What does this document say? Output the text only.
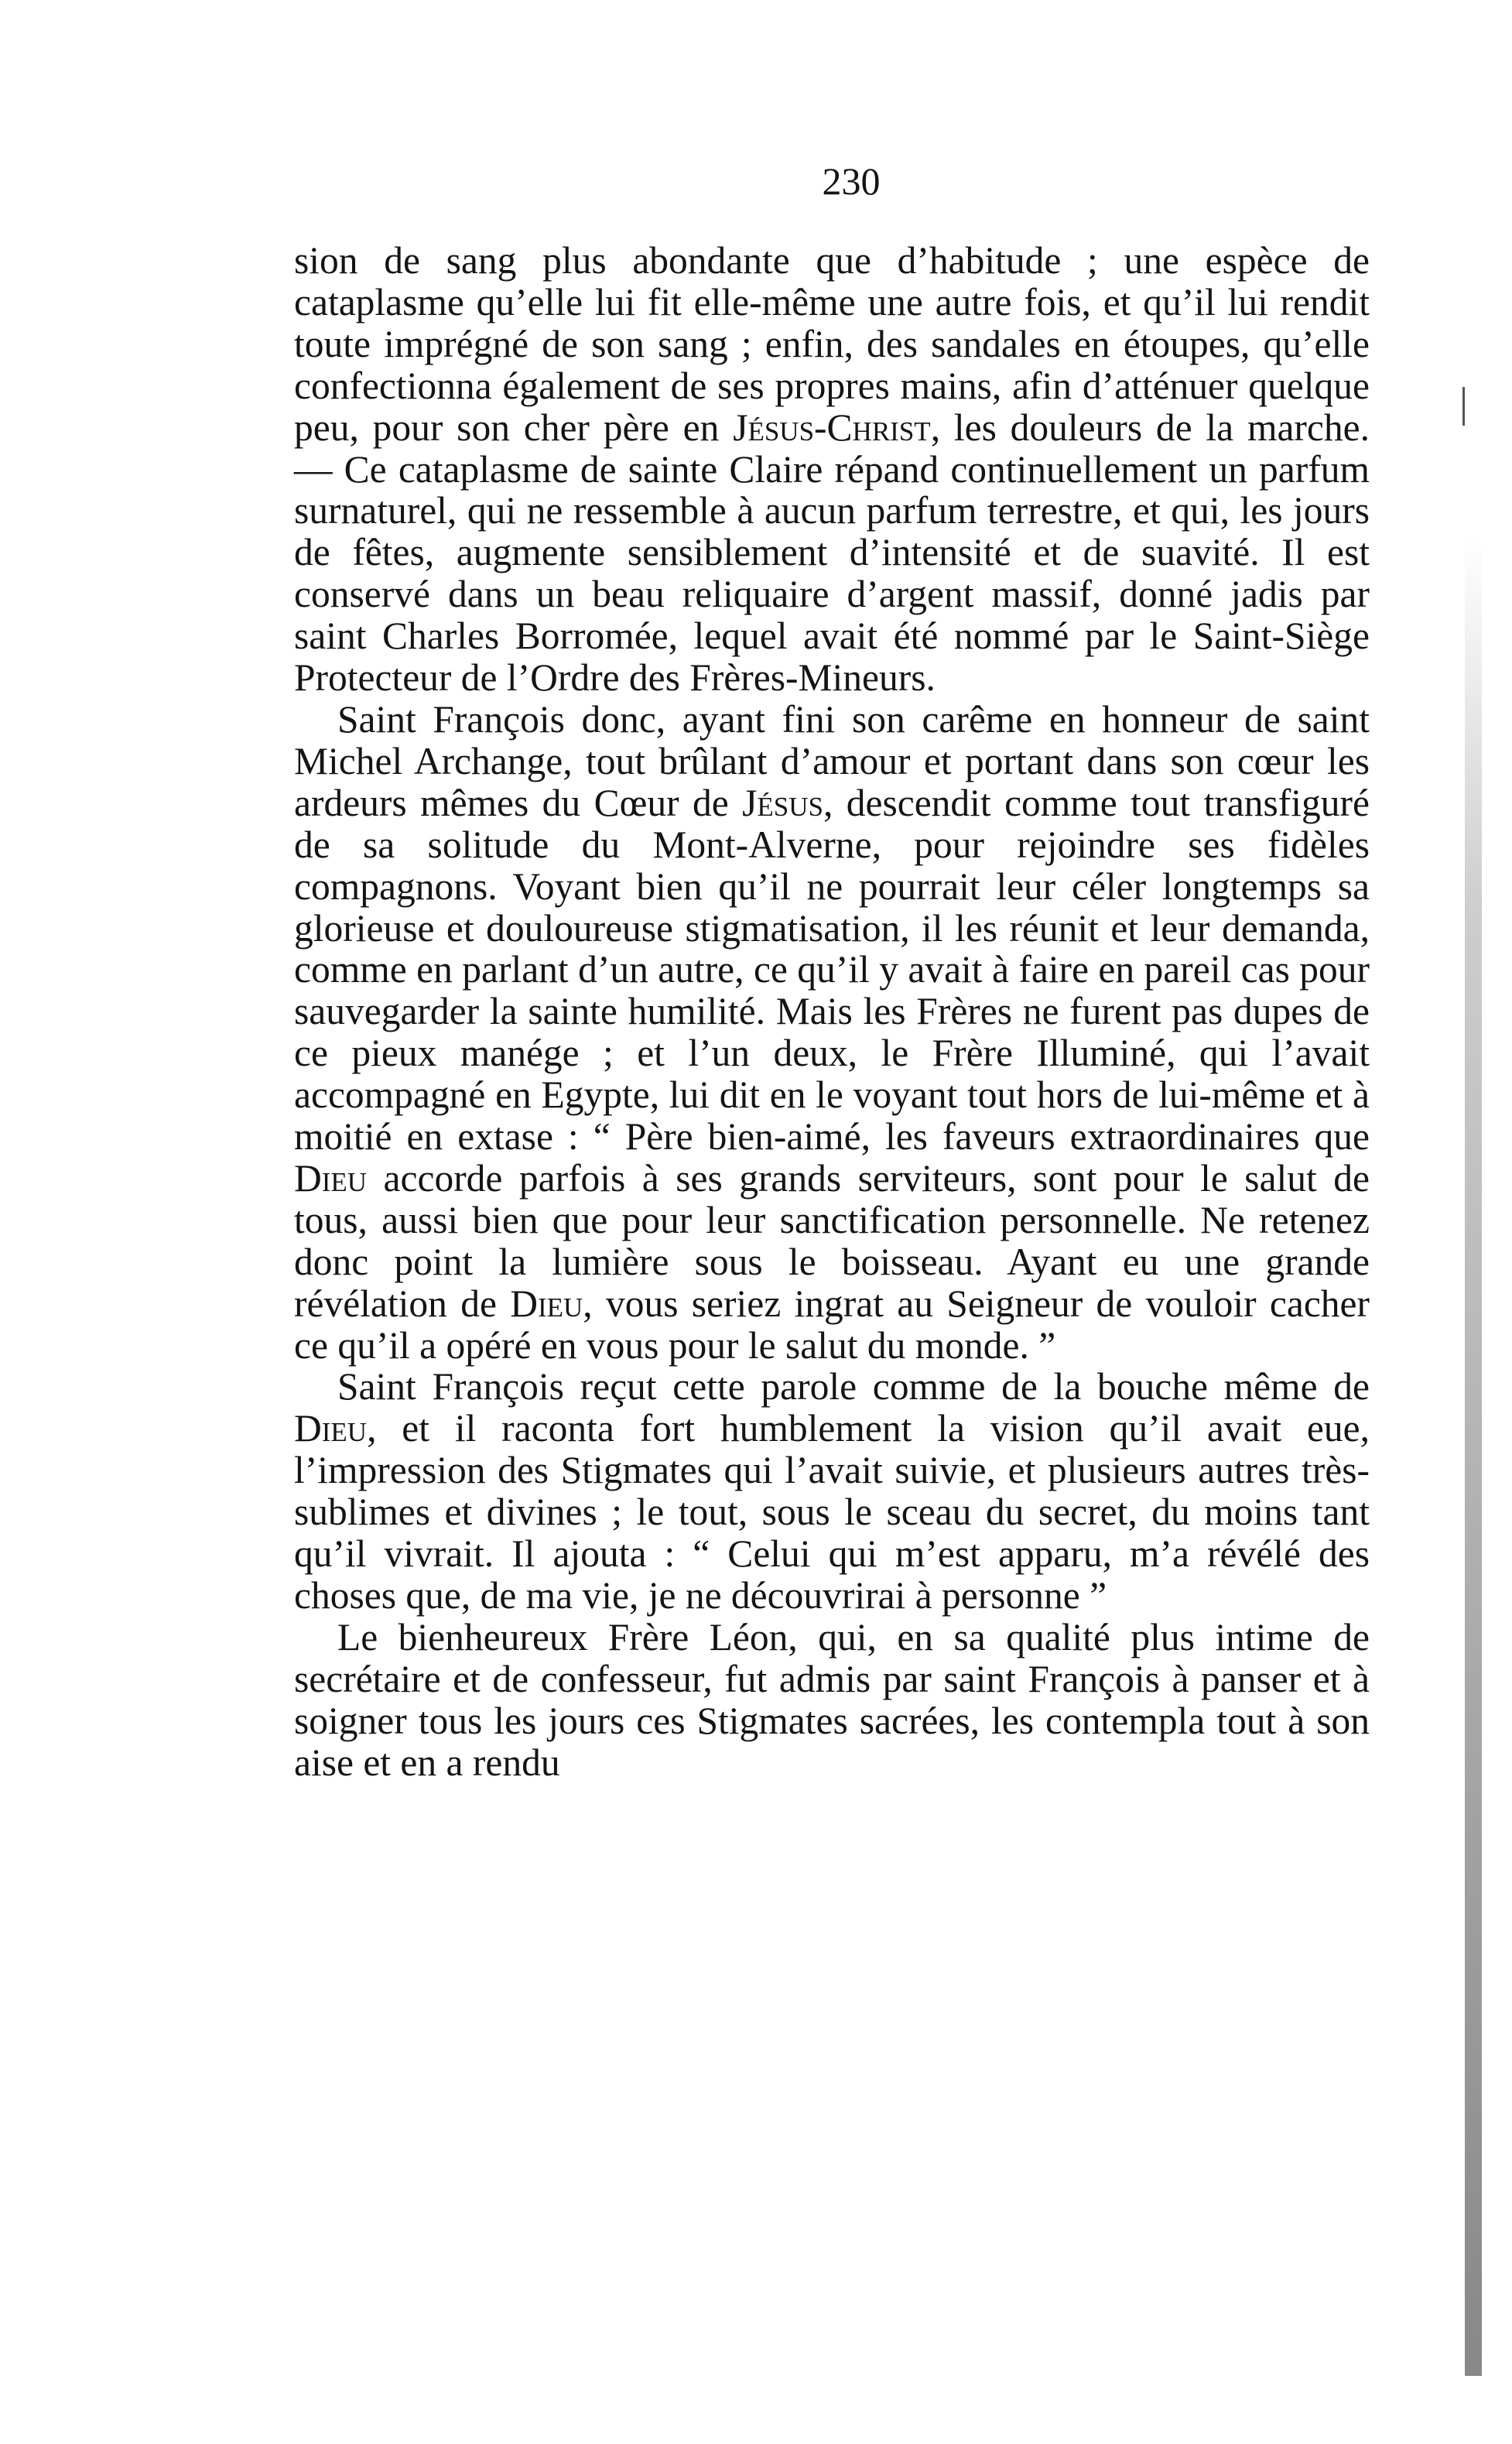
230

sion de sang plus abondante que d’habitude ; une espèce de cataplasme qu’elle lui fit elle-même une autre fois, et qu’il lui rendit toute imprégné de son sang ; enfin, des sandales en étoupes, qu’elle confectionna également de ses propres mains, afin d’atténuer quelque peu, pour son cher père en Jésus-Christ, les douleurs de la marche. — Ce cataplasme de sainte Claire répand continuellement un parfum surnaturel, qui ne ressemble à aucun parfum terrestre, et qui, les jours de fêtes, augmente sensiblement d’intensité et de suavité. Il est conservé dans un beau reliquaire d’argent massif, donné jadis par saint Charles Borromée, lequel avait été nommé par le Saint-Siège Protecteur de l’Ordre des Frères-Mineurs.

Saint François donc, ayant fini son carême en honneur de saint Michel Archange, tout brûlant d’amour et portant dans son cœur les ardeurs mêmes du Cœur de Jésus, descendit comme tout transfiguré de sa solitude du Mont-Alverne, pour rejoindre ses fidèles compagnons. Voyant bien qu’il ne pourrait leur céler longtemps sa glorieuse et douloureuse stigmatisation, il les réunit et leur demanda, comme en parlant d’un autre, ce qu’il y avait à faire en pareil cas pour sauvegarder la sainte humilité. Mais les Frères ne furent pas dupes de ce pieux manége ; et l’un deux, le Frère Illuminé, qui l’avait accompagné en Egypte, lui dit en le voyant tout hors de lui-même et à moitié en extase : “ Père bien-aimé, les faveurs extraordinaires que Dieu accorde parfois à ses grands serviteurs, sont pour le salut de tous, aussi bien que pour leur sanctification personnelle. Ne retenez donc point la lumière sous le boisseau. Ayant eu une grande révélation de Dieu, vous seriez ingrat au Seigneur de vouloir cacher ce qu’il a opéré en vous pour le salut du monde. ”

Saint François reçut cette parole comme de la bouche même de Dieu, et il raconta fort humblement la vision qu’il avait eue, l’impression des Stigmates qui l’avait suivie, et plusieurs autres très-sublimes et divines ; le tout, sous le sceau du secret, du moins tant qu’il vivrait. Il ajouta : “ Celui qui m’est apparu, m’a révélé des choses que, de ma vie, je ne découvrirai à personne ”

Le bienheureux Frère Léon, qui, en sa qualité plus intime de secrétaire et de confesseur, fut admis par saint François à panser et à soigner tous les jours ces Stigmates sacrées, les contempla tout à son aise et en a rendu
